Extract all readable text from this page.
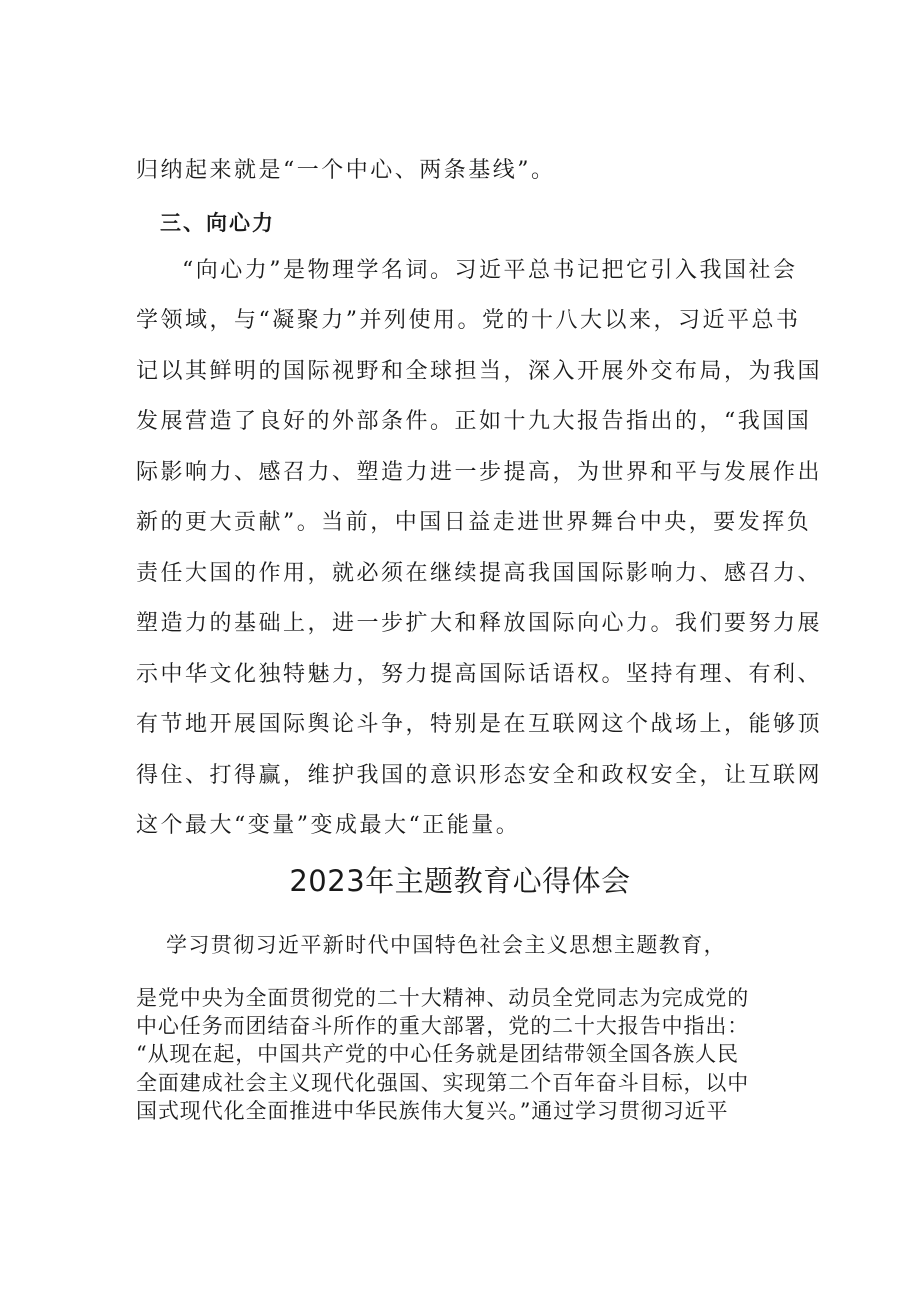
归纳起来就是“一个中心、两条基线”。
三、向心力
“向心力”是物理学名词。习近平总书记把它引入我国社会
学领域，与“凝聚力”并列使用。党的十八大以来，习近平总书
记以其鲜明的国际视野和全球担当，深入开展外交布局，为我国
发展营造了良好的外部条件。正如十九大报告指出的，“我国国
际影响力、感召力、塑造力进一步提高，为世界和平与发展作出
新的更大贡献”。当前，中国日益走进世界舞台中央，要发挥负
责任大国的作用，就必须在继续提高我国国际影响力、感召力、
塑造力的基础上，进一步扩大和释放国际向心力。我们要努力展
示中华文化独特魅力，努力提高国际话语权。坚持有理、有利、
有节地开展国际舆论斗争，特别是在互联网这个战场上，能够顶
得住、打得赢，维护我国的意识形态安全和政权安全，让互联网
这个最大“变量”变成最大“正能量。
2023年主题教育心得体会
学习贯彻习近平新时代中国特色社会主义思想主题教育，
是党中央为全面贯彻党的二十大精神、动员全党同志为完成党的
中心任务而团结奋斗所作的重大部署，党的二十大报告中指出：
“从现在起，中国共产党的中心任务就是团结带领全国各族人民
全面建成社会主义现代化强国、实现第二个百年奋斗目标，以中
国式现代化全面推进中华民族伟大复兴。”通过学习贯彻习近平
